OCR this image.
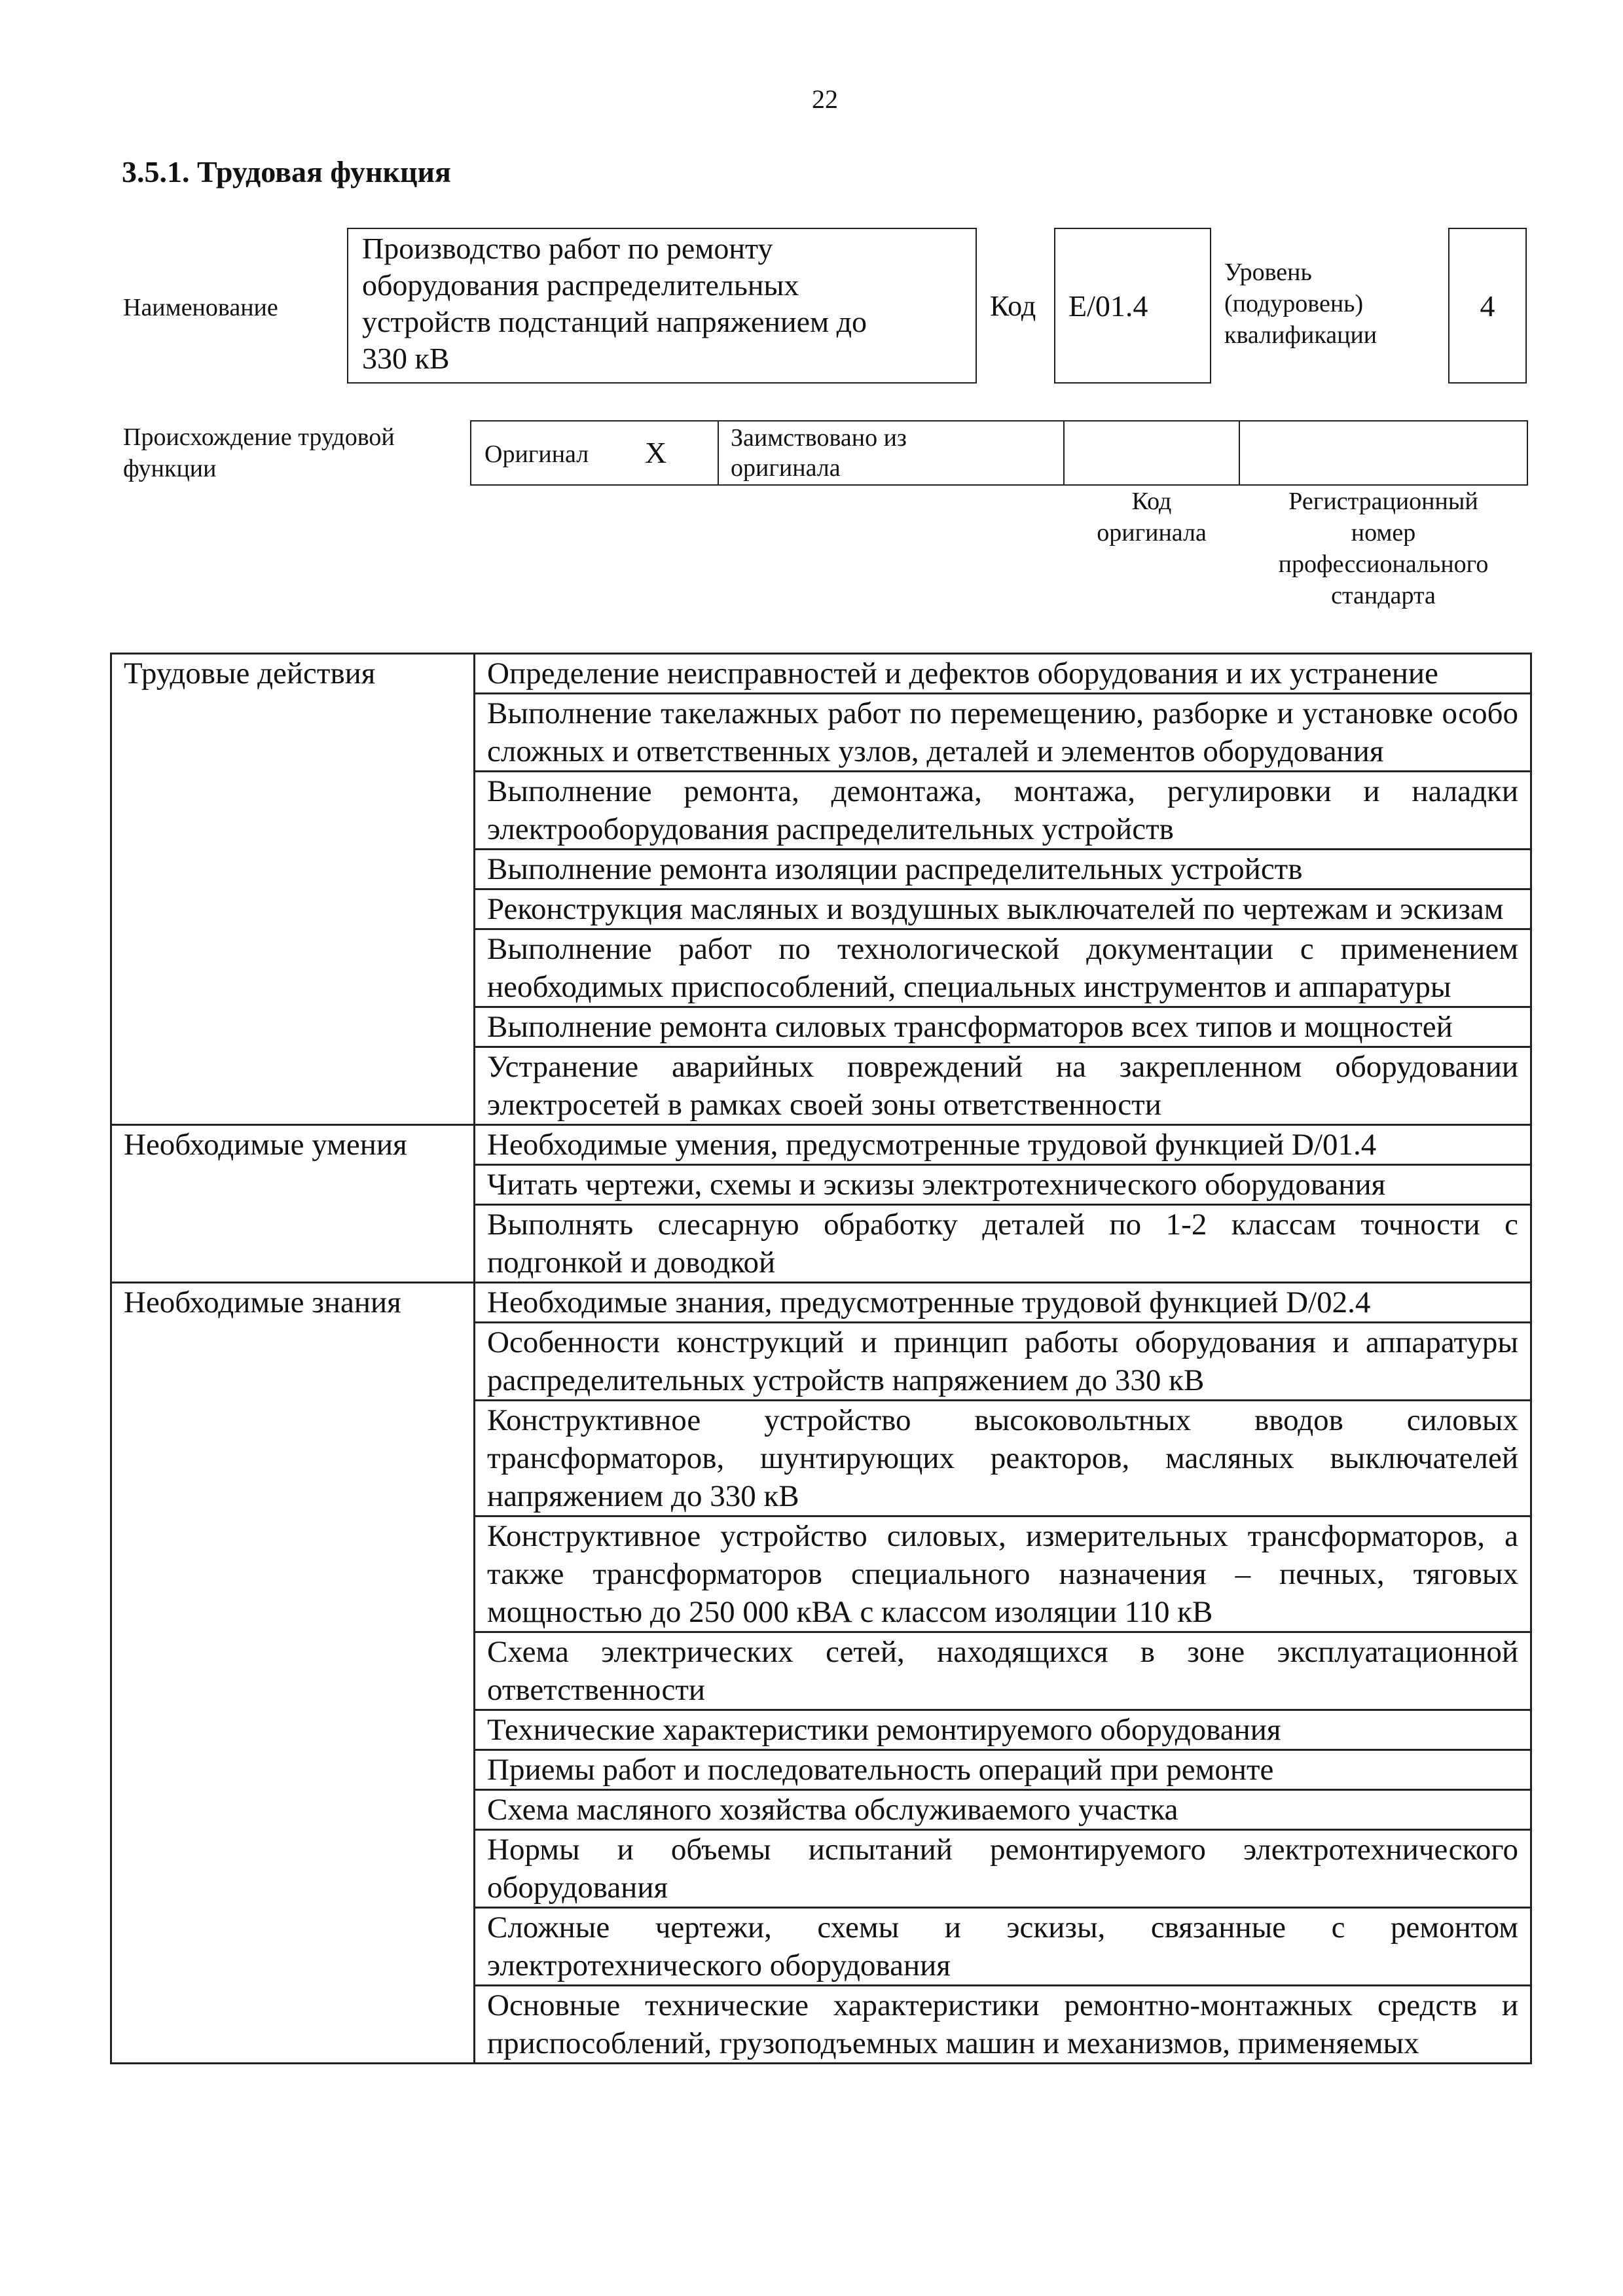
22
3.5.1. Трудовая функция
Наименование
Производство работ по ремонту
оборудования распределительных
устройств подстанций напряжением до
330 кВ
Код E/01.4
Уровень
(подуровень)
квалификации
4
Происхождение трудовой
функции
Оригинал X	Заимствовано из
оригинала
Код
оригинала
Регистрационный
номер
профессионального
стандарта
Трудовые действия	Определение неисправностей и дефектов оборудования и их устранение
	Выполнение такелажных работ по перемещению, разборке и установке особо сложных и ответственных узлов, деталей и элементов оборудования
	Выполнение ремонта, демонтажа, монтажа, регулировки и наладки электрооборудования распределительных устройств
	Выполнение ремонта изоляции распределительных устройств
	Реконструкция масляных и воздушных выключателей по чертежам и эскизам
	Выполнение работ по технологической документации с применением необходимых приспособлений, специальных инструментов и аппаратуры
	Выполнение ремонта силовых трансформаторов всех типов и мощностей
	Устранение аварийных повреждений на закрепленном оборудовании электросетей в рамках своей зоны ответственности
Необходимые умения	Необходимые умения, предусмотренные трудовой функцией D/01.4
	Читать чертежи, схемы и эскизы электротехнического оборудования
	Выполнять слесарную обработку деталей по 1-2 классам точности с подгонкой и доводкой
Необходимые знания	Необходимые знания, предусмотренные трудовой функцией D/02.4
	Особенности конструкций и принцип работы оборудования и аппаратуры распределительных устройств напряжением до 330 кВ
	Конструктивное устройство высоковольтных вводов силовых трансформаторов, шунтирующих реакторов, масляных выключателей напряжением до 330 кВ
	Конструктивное устройство силовых, измерительных трансформаторов, а также трансформаторов специального назначения – печных, тяговых мощностью до 250 000 кВА с классом изоляции 110 кВ
	Схема электрических сетей, находящихся в зоне эксплуатационной ответственности
	Технические характеристики ремонтируемого оборудования
	Приемы работ и последовательность операций при ремонте
	Схема масляного хозяйства обслуживаемого участка
	Нормы и объемы испытаний ремонтируемого электротехнического оборудования
	Сложные чертежи, схемы и эскизы, связанные с ремонтом электротехнического оборудования
	Основные технические характеристики ремонтно-монтажных средств и приспособлений, грузоподъемных машин и механизмов, применяемых
